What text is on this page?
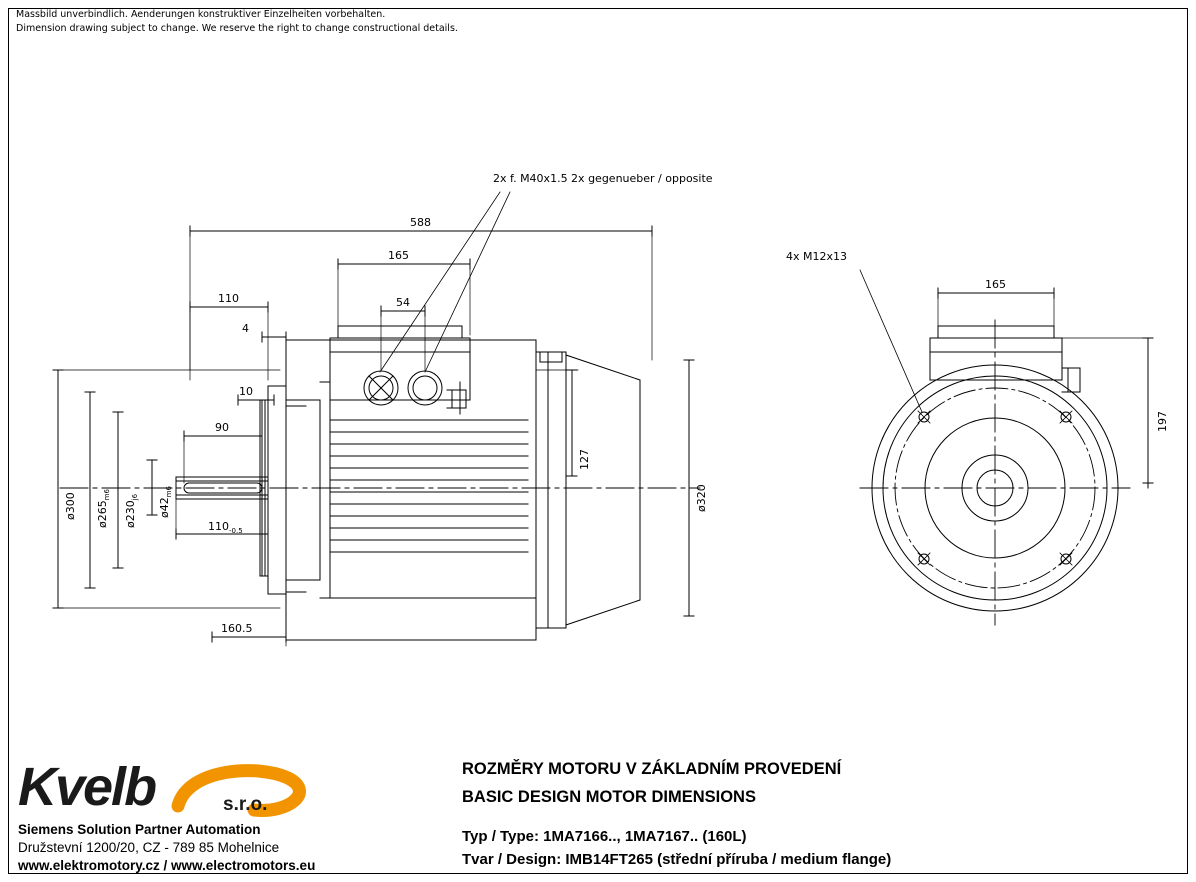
Massbild unverbindlich. Aenderungen konstruktiver Einzelheiten vorbehalten.
Dimension drawing subject to change. We reserve the right to change constructional details.
2x f. M40x1.5 2x gegenueber / opposite
4x M12x13
588
165
54
110
4
10
90
$110_{-0.5}$
160.5
127
ø320
ø300 $ø265_{m6}$
$ø230_{j6}$
$ø42_{m6}$
165
197
ROZMĚRY MOTORU V ZÁKLADNÍM PROVEDENÍ
BASIC DESIGN MOTOR DIMENSIONS
Typ / Type: 1MA7166.., 1MA7167.. (160L)
Tvar / Design: IMB14FT265 (střední příruba / medium flange)
Kvelb	s.r.o.
Siemens Solution Partner Automation
Družstevní 1200/20, CZ - 789 85 Mohelnice
www.elektromotory.cz / www.electromotors.eu
